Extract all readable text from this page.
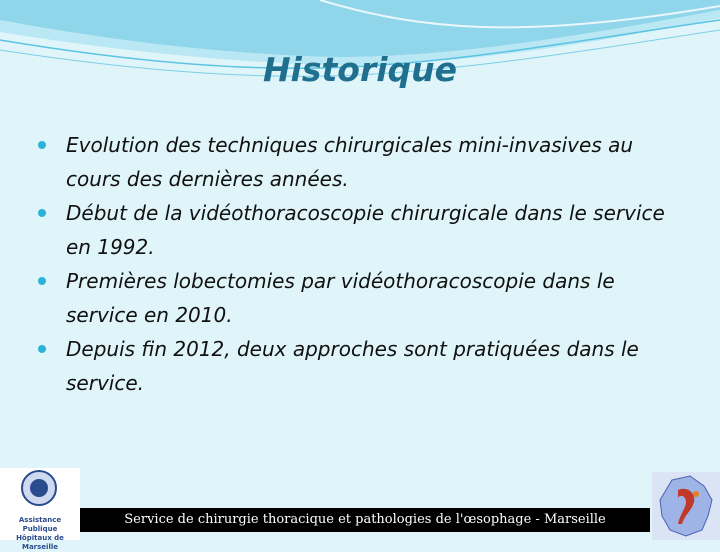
Historique
Evolution des techniques chirurgicales mini-invasives au cours des dernières années.
Début de la vidéothoracoscopie chirurgicale dans le service en 1992.
Premières lobectomies par vidéothoracoscopie dans le service en 2010.
Depuis fin 2012, deux approches sont pratiquées dans le service.
Assistance Publique
Hôpitaux de Marseille
Service de chirurgie thoracique et pathologies de l'œsophage - Marseille
